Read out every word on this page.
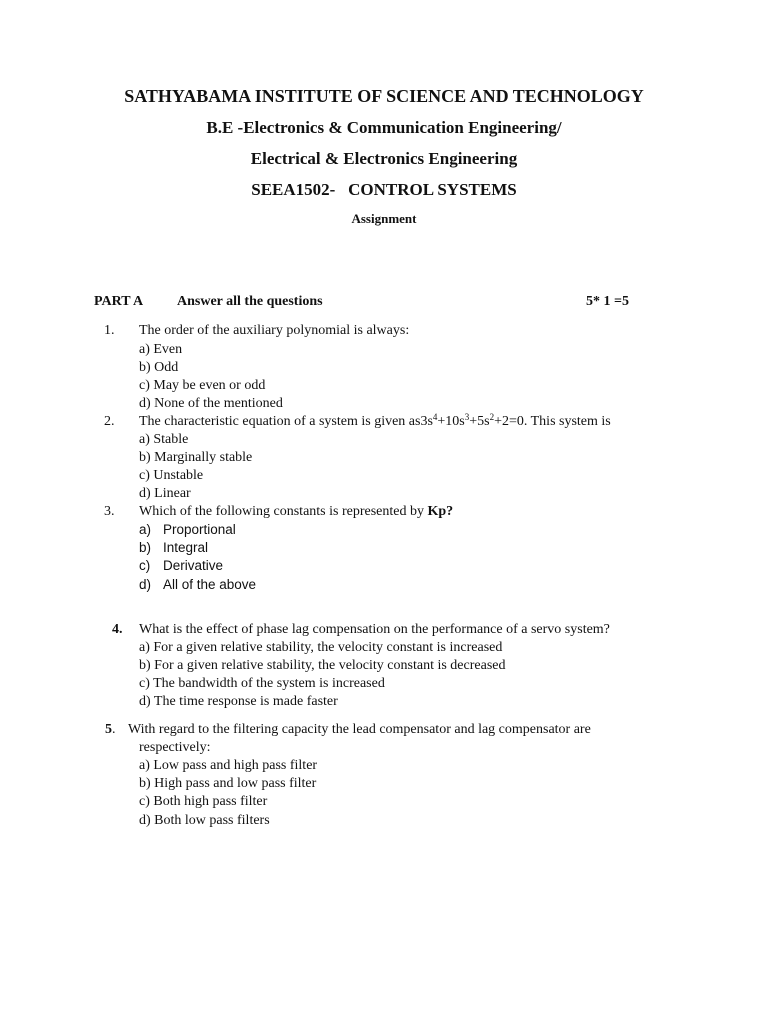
SATHYABAMA INSTITUTE OF SCIENCE AND TECHNOLOGY
B.E -Electronics & Communication Engineering/
Electrical & Electronics Engineering
SEEA1502-   CONTROL SYSTEMS
Assignment
PART A Answer all the questions	5* 1 =5
1. The order of the auxiliary polynomial is always:
a) Even
b) Odd
c) May be even or odd
d) None of the mentioned
2. The characteristic equation of a system is given $as3s^4+10s^3+5s^2+2=0$. This system is
a) Stable
b) Marginally stable
c) Unstable
d) Linear
3. Which of the following constants is represented by Kp?
a) Proportional
b) Integral
c) Derivative
d) All of the above
4. What is the effect of phase lag compensation on the performance of a servo system?
a) For a given relative stability, the velocity constant is increased
b) For a given relative stability, the velocity constant is decreased
c) The bandwidth of the system is increased
d) The time response is made faster
5. With regard to the filtering capacity the lead compensator and lag compensator are
respectively:
a) Low pass and high pass filter
b) High pass and low pass filter
c) Both high pass filter
d) Both low pass filters
